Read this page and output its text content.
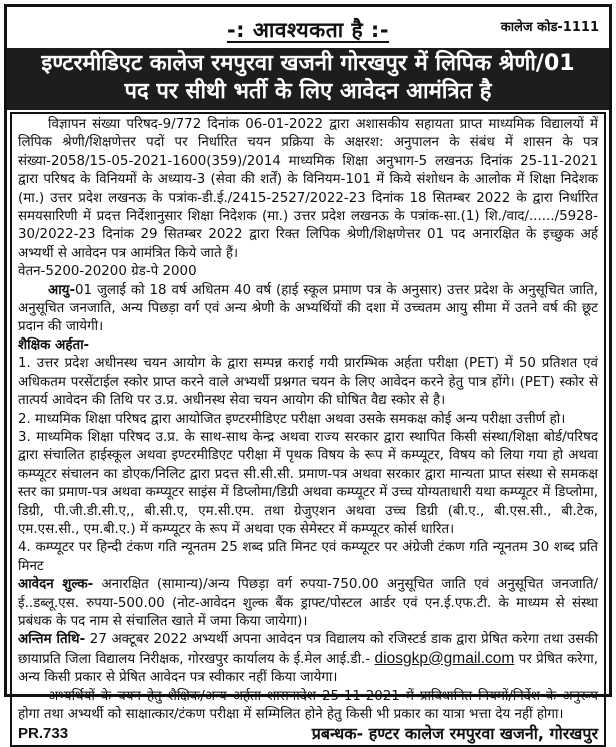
-: आवश्यकता है :-	कालेज कोड-1111
इण्टरमीडिएट कालेज रमपुरवा खजनी गोरखपुर में लिपिक श्रेणी/01
पद पर सीथी भर्ती के लिए आवेदन आमंत्रित है

विज्ञापन संख्या परिषद-9/772 दिनांक 06-01-2022 द्वारा अशासकीय सहायता प्राप्त माध्यमिक विद्यालयों में लिपिक श्रेणी/शिक्षणेत्तर पदों पर निर्धारित चयन प्रक्रिया के अक्षरश: अनुपालन के संबंध में शासन के पत्र संख्या-2058/15-05-2021-1600(359)/2014 माध्यमिक शिक्षा अनुभाग-5 लखनऊ दिनांक 25-11-2021 द्वारा परिषद के विनियमों के अध्याय-3 (सेवा की शर्तें) के विनियम-101 में किये संशोधन के आलोक में शिक्षा निदेशक (मा.) उत्तर प्रदेश लखनऊ के पत्रांक-डी.ई./2415-2527/2022-23 दिनांक 18 सितम्बर 2022 के द्वारा निर्धारित समयसारिणी में प्रदत्त निर्देशानुसार शिक्षा निदेशक (मा.) उत्तर प्रदेश लखनऊ के पत्रांक-सा.(1) शि./वाद/....../5928-30/2022-23 दिनांक 29 सितम्बर 2022 द्वारा रिक्त लिपिक श्रेणी/शिक्षणेत्तर 01 पद अनारक्षित के इच्छुक अर्ह अभ्यर्थी से आवेदन पत्र आमंत्रित किये जाते हैं।

वेतन-5200-20200 ग्रेड-पे 2000

आयु-01 जुलाई को 18 वर्ष अधितम 40 वर्ष (हाई स्कूल प्रमाण पत्र के अनुसार) उत्तर प्रदेश के अनुसूचित जाति, अनुसूचित जनजाति, अन्य पिछड़ा वर्ग एवं अन्य श्रेणी के अभ्यर्थियों की दशा में उच्चतम आयु सीमा में उतने वर्ष की छूट प्रदान की जायेगी।

शैक्षिक अर्हता-

1. उत्तर प्रदेश अधीनस्थ चयन आयोग के द्वारा सम्पन्न कराई गयी प्रारम्भिक अर्हता परीक्षा (PET) में 50 प्रतिशत एवं अधिकतम परसेंटाईल स्कोर प्राप्त करने वाले अभ्यर्थी प्रश्नगत चयन के लिए आवेदन करने हेतु पात्र होंगे। (PET) स्कोर से तात्पर्य आवेदन की तिथि पर उ.प्र. अधीनस्थ सेवा चयन आयोग की घोषित वैद्य स्कोर से है।

2. माध्यमिक शिक्षा परिषद द्वारा आयोजित इण्टरमीडिएट परीक्षा अथवा उसके समकक्ष कोई अन्य परीक्षा उत्तीर्ण हो।

3. माध्यमिक शिक्षा परिषद उ.प्र. के साथ-साथ केन्द्र अथवा राज्य सरकार द्वारा स्थापित किसी संस्था/शिक्षा बोर्ड/परिषद द्वारा संचालित हाईस्कूल अथवा इण्टरमीडिएट परीक्षा में पृथक विषय के रूप में कम्प्यूटर, विषय को लिया गया हो अथवा कम्प्यूटर संचालन का डोएक/निलिट द्वारा प्रदत्त सी.सी.सी. प्रमाण-पत्र अथवा सरकार द्वारा मान्यता प्राप्त संस्था से समकक्ष स्तर का प्रमाण-पत्र अथवा कम्प्यूटर साइंस में डिप्लोमा/डिग्री अथवा कम्प्यूटर में उच्च योग्यताधारी यथा कम्प्यूटर में डिप्लोमा, डिग्री, पी.जी.डी.सी.ए,, बी.सी.ए, एम.सी.एम. तथा ग्रेजुएशन अथवा उच्च डिग्री (बी.ए., बी.एस.सी., बी.टेक, एम.एस.सी., एम.बी.ए.) में कम्प्यूटर के रूप में अथवा एक सेमेस्टर में कम्प्यूटर कोर्स धारित।

4. कम्प्यूटर पर हिन्दी टंकण गति न्यूनतम 25 शब्द प्रति मिनट एवं कम्प्यूटर पर अंग्रेजी टंकण गति न्यूनतम 30 शब्द प्रति मिनट

आवेदन शुल्क- अनारक्षित (सामान्य)/अन्य पिछड़ा वर्ग रुपया-750.00 अनुसूचित जाति एवं अनुसूचित जनजाति/ई..डब्लू.एस. रुपया-500.00 (नोट-आवेदन शुल्क बैंक ड्राफ्ट/पोस्टल आर्डर एवं एन.ई.एफ.टी. के माध्यम से संस्था प्रबंधक के पद नाम से संचालित खाते में जमा किया जायेगा)।

अन्तिम तिथि- 27 अक्टूबर 2022 अभ्यर्थी अपना आवेदन पत्र विद्यालय को रजिस्टर्ड डाक द्वारा प्रेषित करेगा तथा उसकी छायाप्रति जिला विद्यालय निरीक्षक, गोरखपुर कार्यालय के ई.मेल आई.डी.- diosgkp@gmail.com पर प्रेषित करेगा, अन्य किसी प्रकार से प्रेषित आवेदन पत्र स्वीकार नहीं किया जायेगा।

अभ्यर्थियों के चयन हेतु शैक्षिक/अन्य अर्हता शासनादेश 25-11-2021 में प्राविधानित नियमों/निर्देश के अनुरूप होगा तथा अभ्यर्थी को साक्षात्कार/टंकण परीक्षा में सम्मिलित होने हेतु किसी भी प्रकार का यात्रा भत्ता देय नहीं होगा।

PR.733	प्रबन्धक- हण्टर कालेज रमपुरवा खजनी, गोरखपुर
